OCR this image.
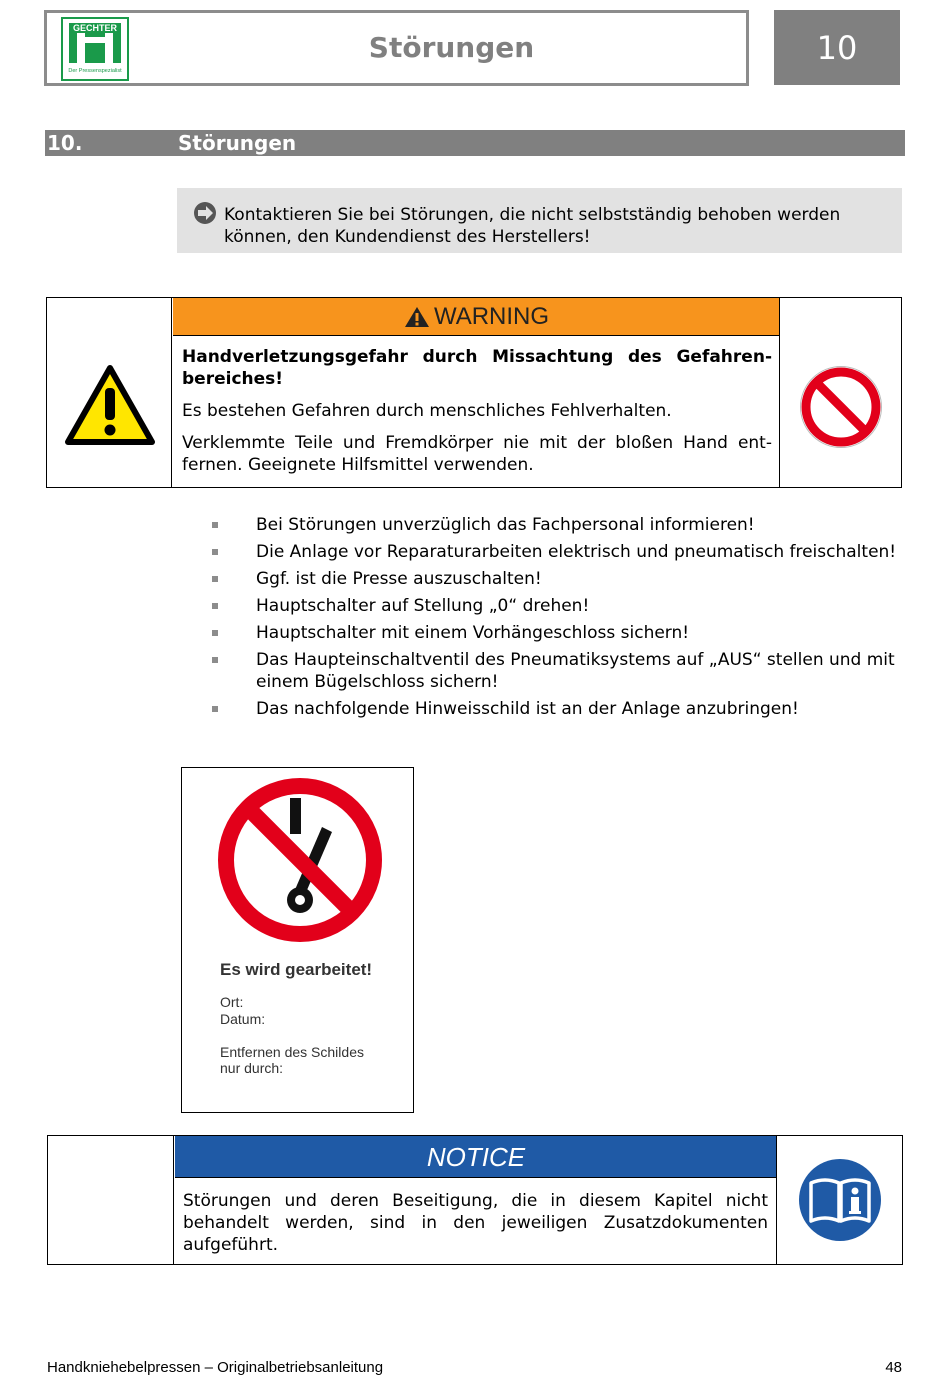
GECHTER
Der Pressenspezialist
Störungen	10
10.	Störungen
Kontaktieren Sie bei Störungen, die nicht selbstständig behoben werden können, den Kundendienst des Herstellers!
WARNING

Handverletzungsgefahr durch Missachtung des Gefahrenbereiches!

Es bestehen Gefahren durch menschliches Fehlverhalten.

Verklemmte Teile und Fremdkörper nie mit der bloßen Hand entfernen. Geeignete Hilfsmittel verwenden.

Bei Störungen unverzüglich das Fachpersonal informieren!
Die Anlage vor Reparaturarbeiten elektrisch und pneumatisch freischalten!
Ggf. ist die Presse auszuschalten!
Hauptschalter auf Stellung „0“ drehen!
Hauptschalter mit einem Vorhängeschloss sichern!
Das Haupteinschaltventil des Pneumatiksystems auf „AUS“ stellen und mit einem Bügelschloss sichern!
Das nachfolgende Hinweisschild ist an der Anlage anzubringen!
Es wird gearbeitet!
Ort:
Datum:
Entfernen des Schildes
nur durch:
NOTICE
Störungen und deren Beseitigung, die in diesem Kapitel nicht behandelt werden, sind in den jeweiligen Zusatzdokumenten aufgeführt.
Handkniehebelpressen – Originalbetriebsanleitung	48
